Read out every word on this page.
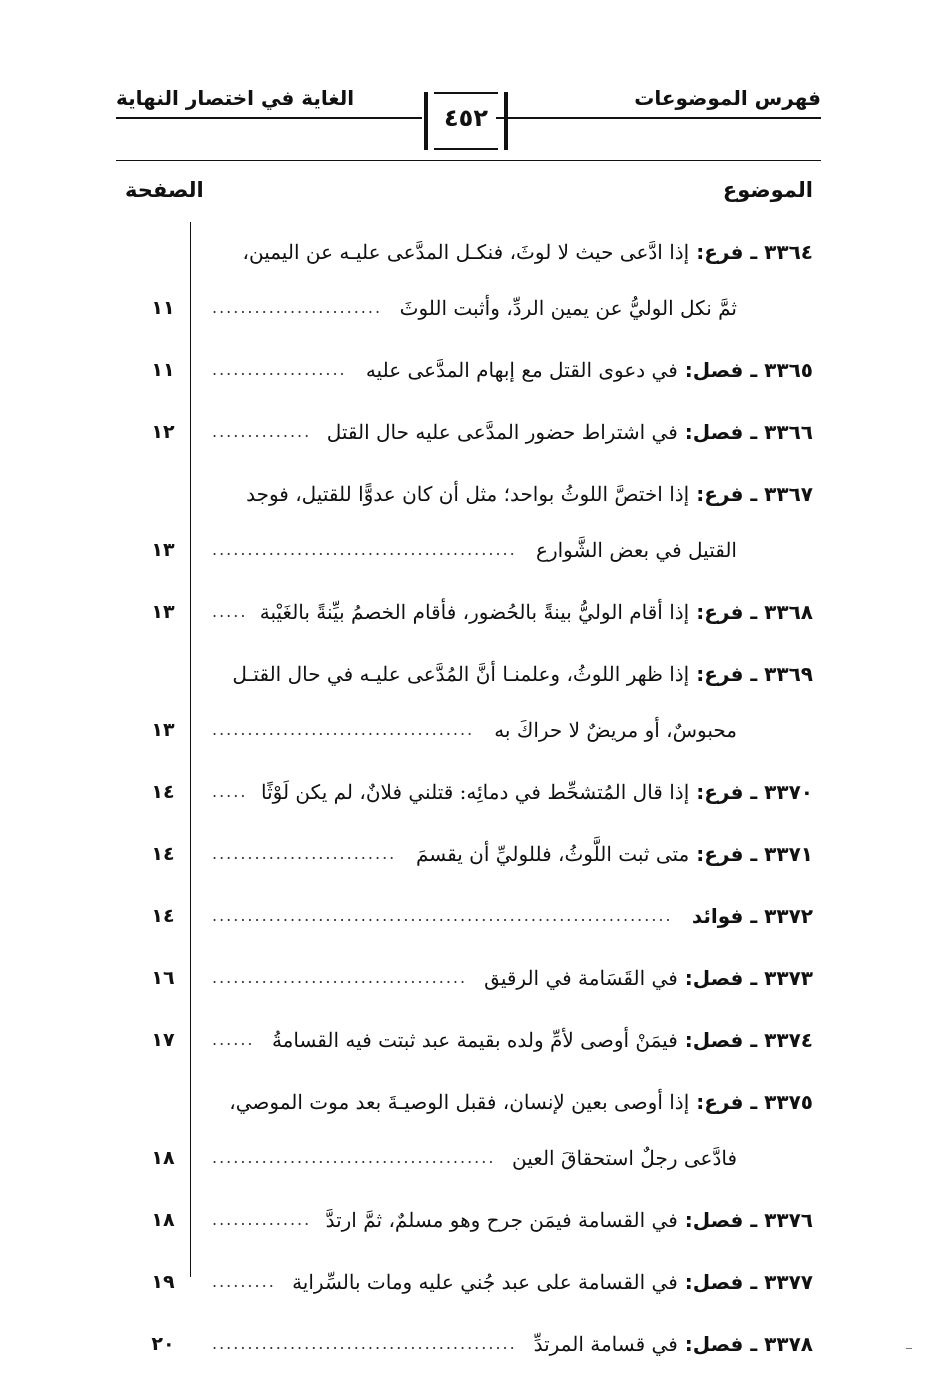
فهرس الموضوعات
الغاية في اختصار النهاية
٤٥٢
الموضوع
الصفحة
٣٣٦٤ ـ فرع: إذا ادَّعى حيث لا لوثَ، فنكـل المدَّعى عليـه عن اليمين،
ثمَّ نكل الوليُّ عن يمين الردِّ، وأثبت اللوثَ
........................
١١
٣٣٦٥ ـ فصل: في دعوى القتل مع إبهام المدَّعى عليه
...................
١١
٣٣٦٦ ـ فصل: في اشتراط حضور المدَّعى عليه حال القتل
..............
١٢
٣٣٦٧ ـ فرع: إذا اختصَّ اللوثُ بواحد؛ مثل أن كان عدوًّا للقتيل، فوجد
القتيل في بعض الشَّوارع
...........................................
١٣
٣٣٦٨ ـ فرع: إذا أقام الوليُّ بينةً بالحُضور، فأقام الخصمُ بيِّنةً بالغَيْبة
.....
١٣
٣٣٦٩ ـ فرع: إذا ظهر اللوثُ، وعلمنـا أنَّ المُدَّعى عليـه في حال القتـل
محبوسٌ، أو مريضٌ لا حراكَ به
.....................................
١٣
٣٣٧٠ ـ فرع: إذا قال المُتشحِّط في دمائِه: قتلني فلانٌ، لم يكن لَوْثًا
.....
١٤
٣٣٧١ ـ فرع: متى ثبت اللَّوثُ، فللوليِّ أن يقسمَ
..........................
١٤
٣٣٧٢ ـ فوائد
.................................................................
١٤
٣٣٧٣ ـ فصل: في القَسَامة في الرقيق
....................................
١٦
٣٣٧٤ ـ فصل: فيمَنْ أوصى لأمِّ ولده بقيمة عبد ثبتت فيه القسامةُ
......
١٧
٣٣٧٥ ـ فرع: إذا أوصى بعين لإنسان، فقبل الوصيـةَ بعد موت الموصي،
فادَّعى رجلٌ استحقاقَ العين
........................................
١٨
٣٣٧٦ ـ فصل: في القسامة فيمَن جرح وهو مسلمٌ، ثمَّ ارتدَّ
..............
١٨
٣٣٧٧ ـ فصل: في القسامة على عبد جُني عليه ومات بالسِّراية
.........
١٩
٣٣٧٨ ـ فصل: في قسامة المرتدِّ
...........................................
٢٠
